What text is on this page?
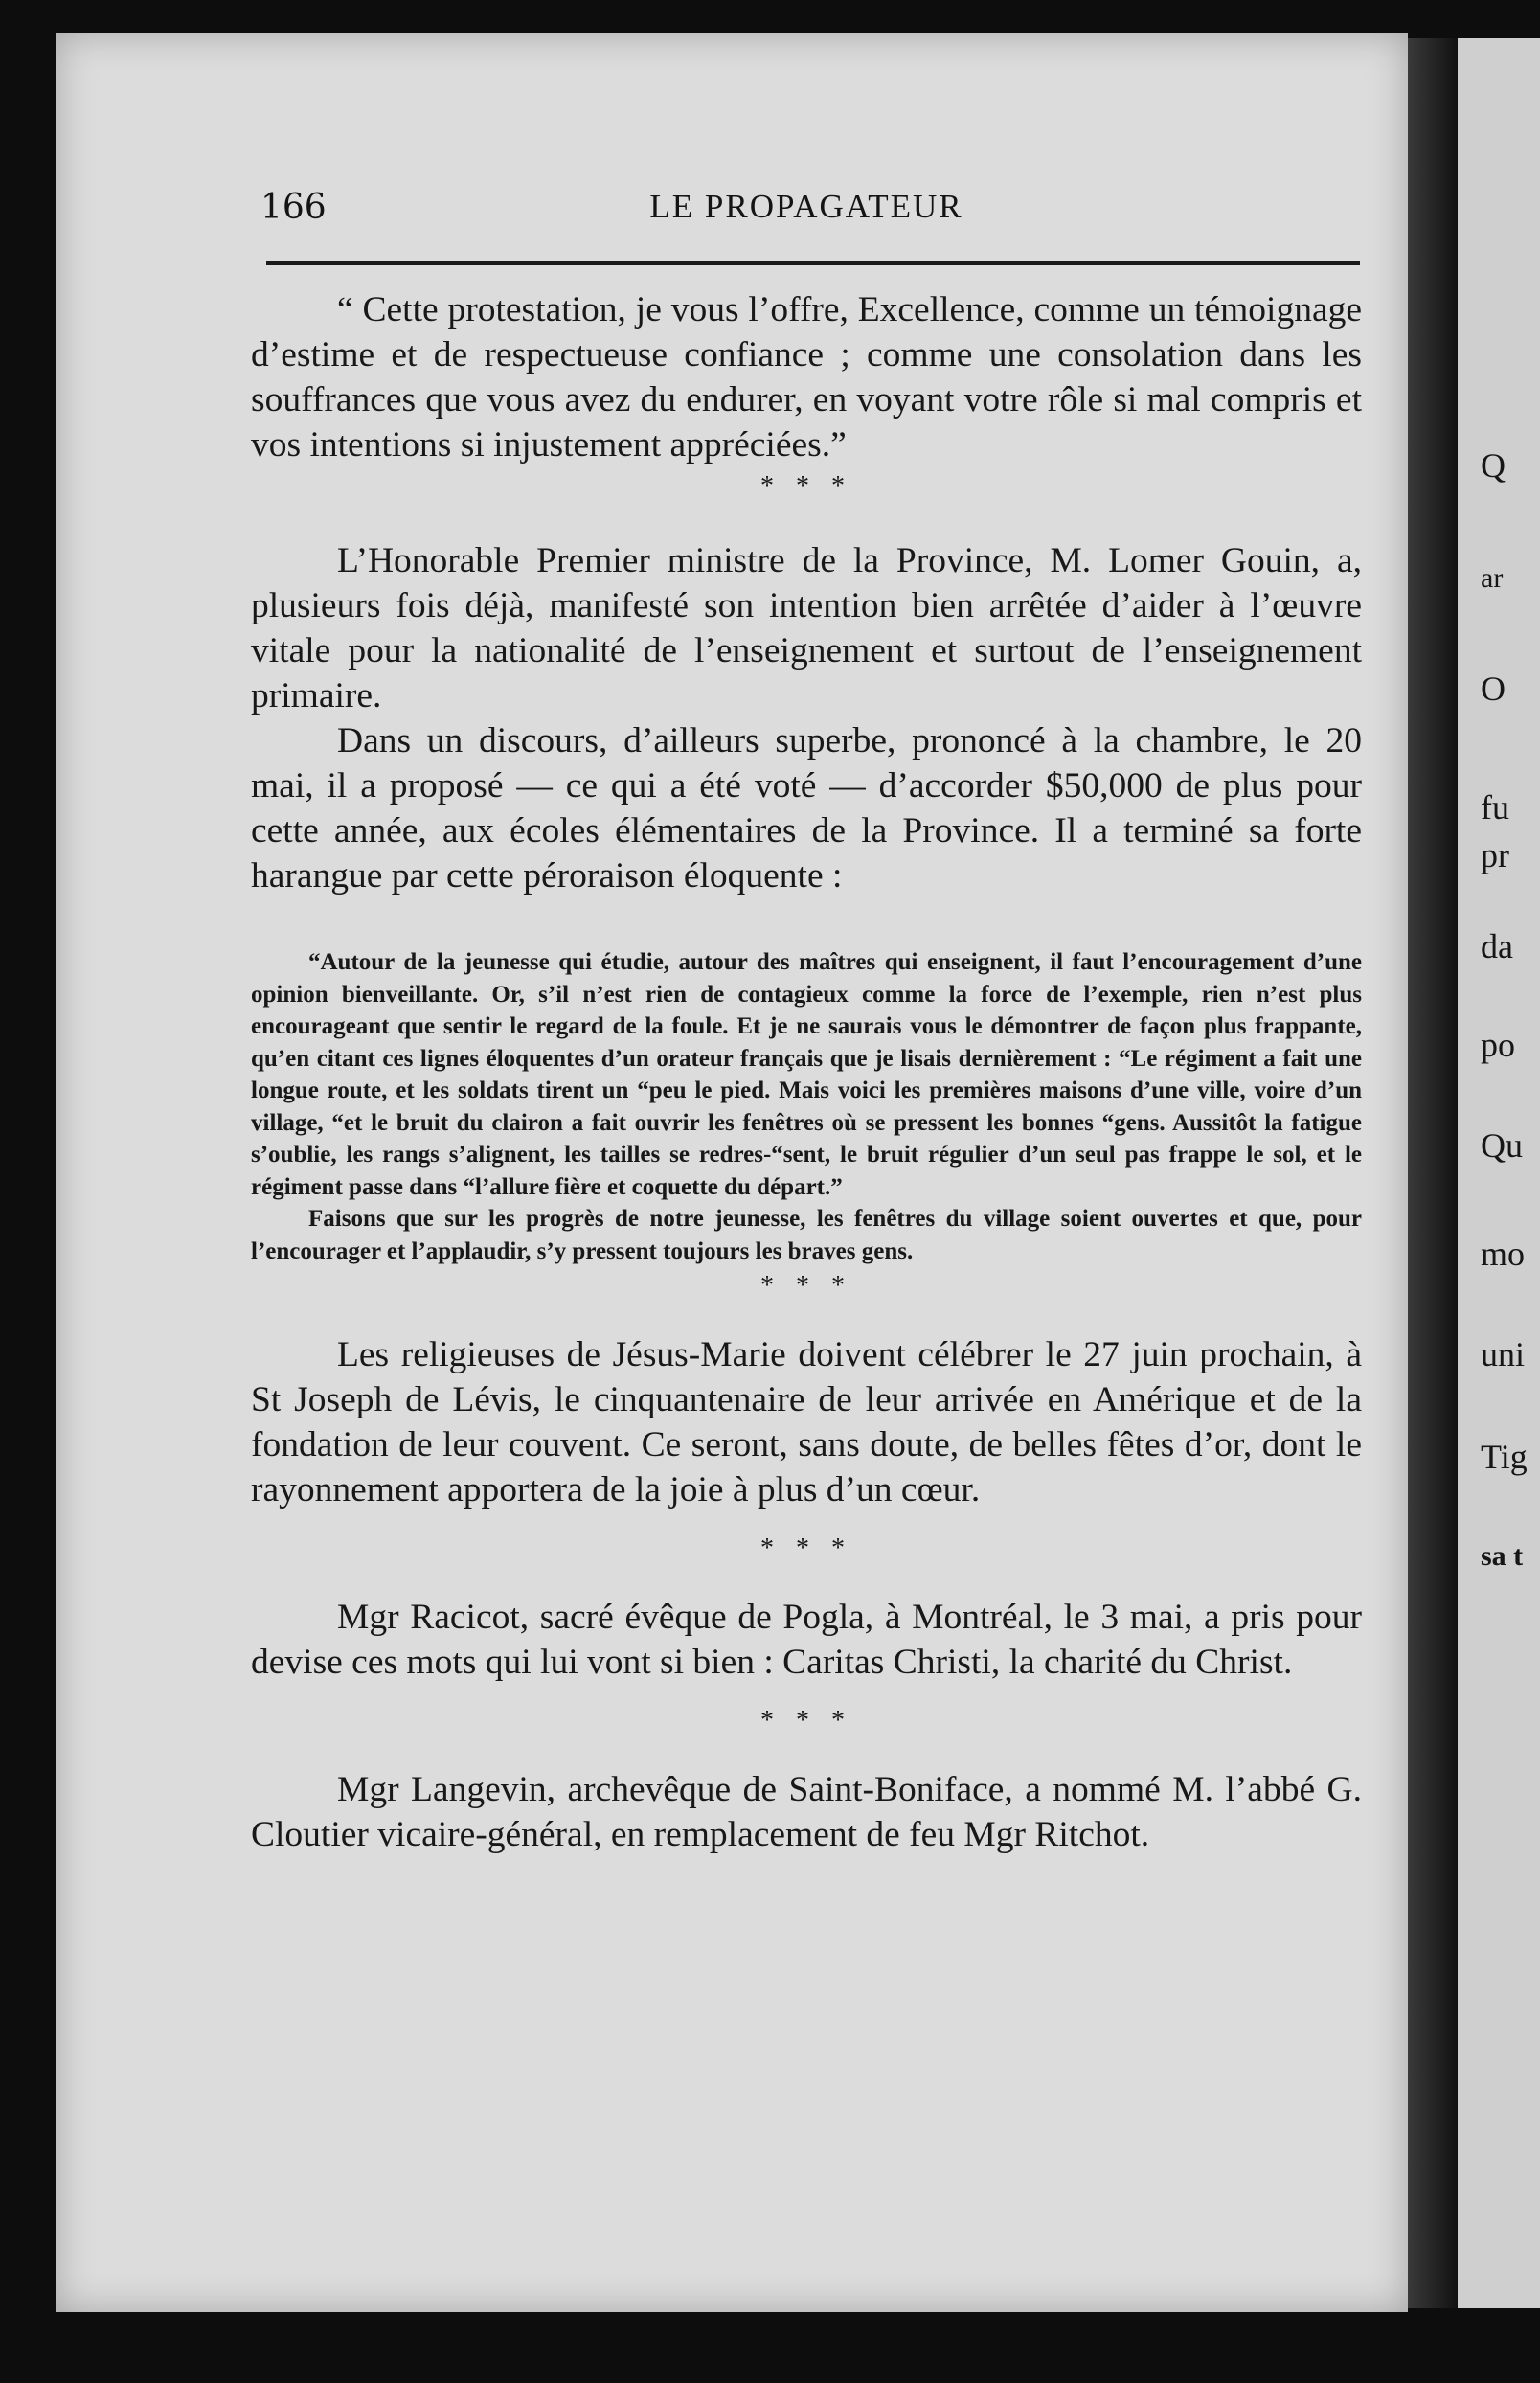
Q
ar
O
fu
pr
da
po
Qu
mo
uni
Tig
sa t
166	LE PROPAGATEUR

“ Cette protestation, je vous l’offre, Excellence, comme un témoignage d’estime et de respectueuse confiance ; comme une consolation dans les souffrances que vous avez du endurer, en voyant votre rôle si mal compris et vos intentions si injustement appréciées.”

* * *

L’Honorable Premier ministre de la Province, M. Lomer Gouin, a, plusieurs fois déjà, manifesté son intention bien arrêtée d’aider à l’œuvre vitale pour la nationalité de l’enseignement et surtout de l’enseignement primaire.

Dans un discours, d’ailleurs superbe, prononcé à la chambre, le 20 mai, il a proposé — ce qui a été voté — d’accorder $50,000 de plus pour cette année, aux écoles élémentaires de la Province. Il a terminé sa forte harangue par cette péroraison éloquente :

“Autour de la jeunesse qui étudie, autour des maîtres qui enseignent, il faut l’encouragement d’une opinion bienveillante. Or, s’il n’est rien de contagieux comme la force de l’exemple, rien n’est plus encourageant que sentir le regard de la foule. Et je ne saurais vous le démontrer de façon plus frappante, qu’en citant ces lignes éloquentes d’un orateur français que je lisais dernièrement : “Le régiment a fait une longue route, et les soldats tirent un “peu le pied. Mais voici les premières maisons d’une ville, voire d’un village, “et le bruit du clairon a fait ouvrir les fenêtres où se pressent les bonnes “gens. Aussitôt la fatigue s’oublie, les rangs s’alignent, les tailles se redres-“sent, le bruit régulier d’un seul pas frappe le sol, et le régiment passe dans “l’allure fière et coquette du départ.”

Faisons que sur les progrès de notre jeunesse, les fenêtres du village soient ouvertes et que, pour l’encourager et l’applaudir, s’y pressent toujours les braves gens.

* * *

Les religieuses de Jésus-Marie doivent célébrer le 27 juin prochain, à St Joseph de Lévis, le cinquantenaire de leur arrivée en Amérique et de la fondation de leur couvent. Ce seront, sans doute, de belles fêtes d’or, dont le rayonnement apportera de la joie à plus d’un cœur.

* * *

Mgr Racicot, sacré évêque de Pogla, à Montréal, le 3 mai, a pris pour devise ces mots qui lui vont si bien : Caritas Christi, la charité du Christ.

* * *

Mgr Langevin, archevêque de Saint-Boniface, a nommé M. l’abbé G. Cloutier vicaire-général, en remplacement de feu Mgr Ritchot.
